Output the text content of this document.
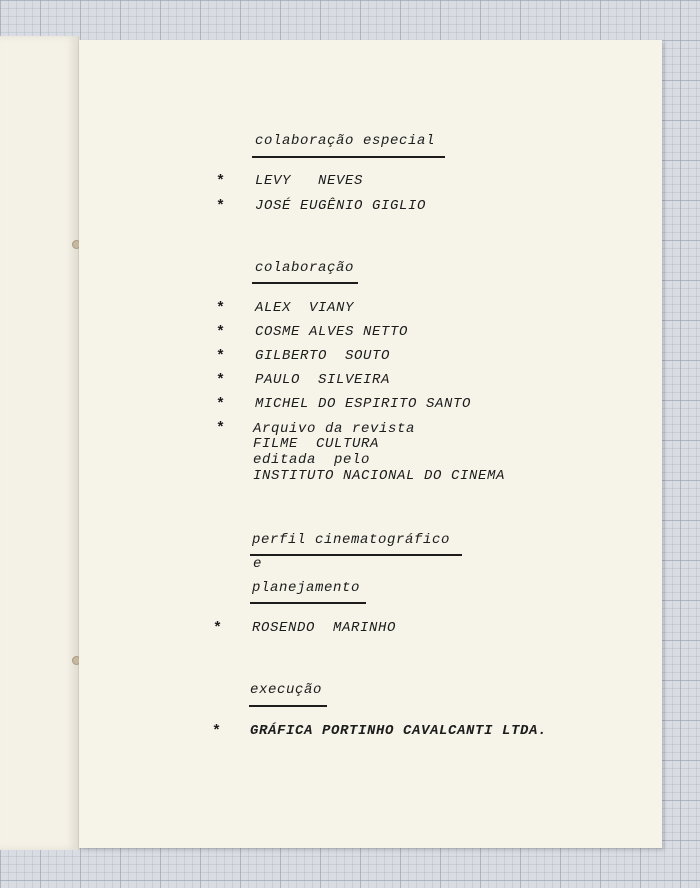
colaboração especial
* LEVY   NEVES
* JOSÉ EUGÊNIO GIGLIO
colaboração
* ALEX  VIANY
* COSME ALVES NETTO
* GILBERTO  SOUTO
* PAULO  SILVEIRA
* MICHEL DO ESPIRITO SANTO
* Arquivo da revista
FILME  CULTURA
editada  pelo
INSTITUTO NACIONAL DO CINEMA
perfil cinematográfico
e
planejamento
* ROSENDO  MARINHO
execução
* GRÁFICA PORTINHO CAVALCANTI LTDA.
